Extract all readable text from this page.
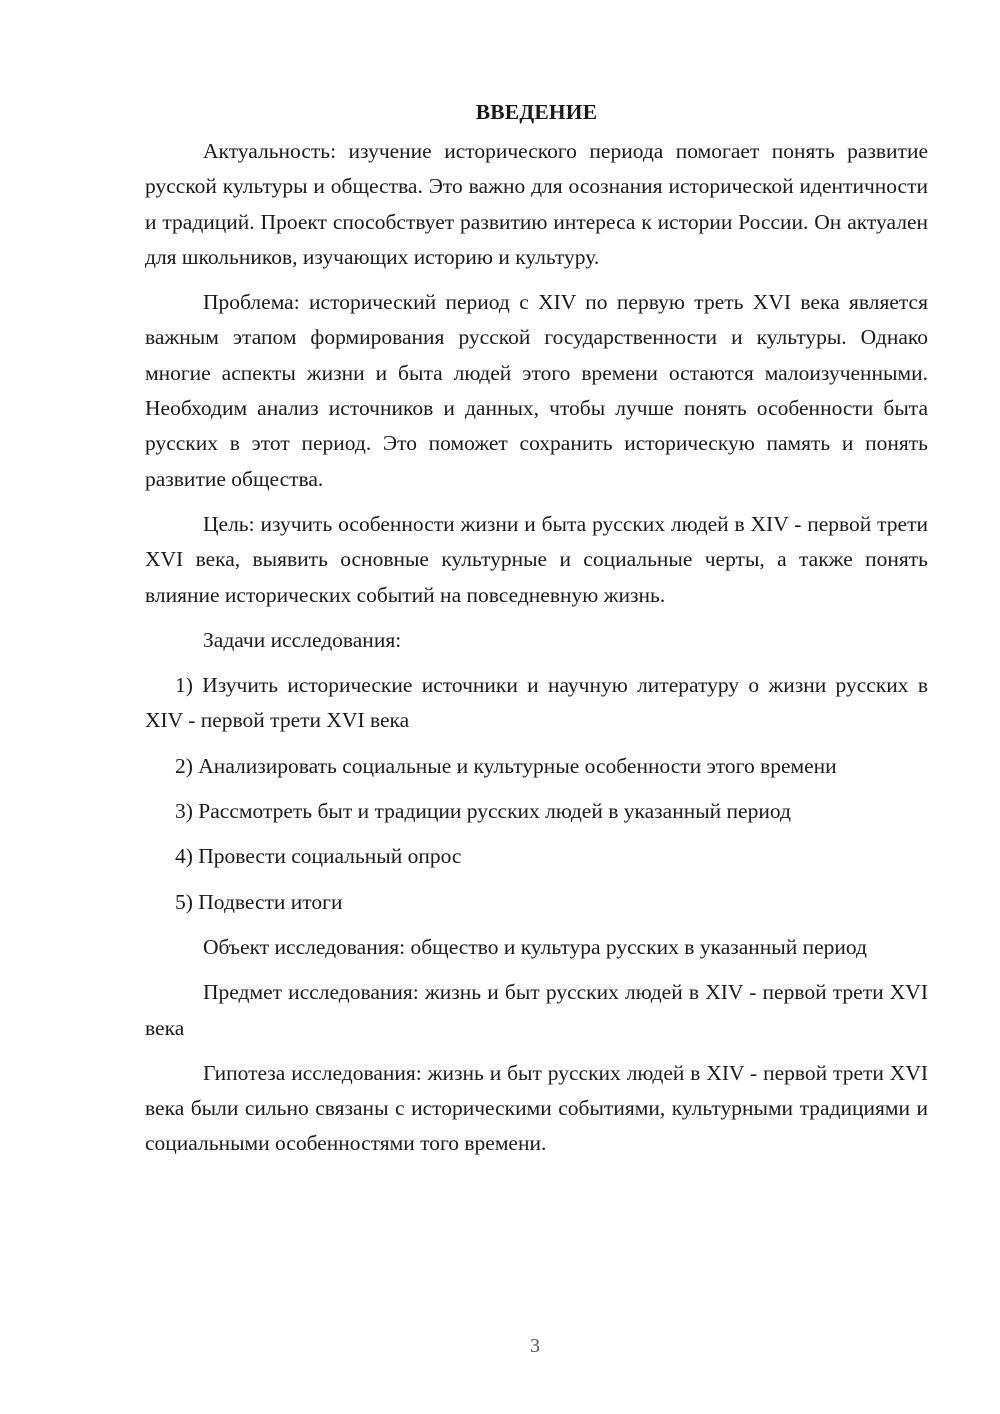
ВВЕДЕНИЕ

Актуальность: изучение исторического периода помогает понять развитие русской культуры и общества. Это важно для осознания исторической идентичности и традиций. Проект способствует развитию интереса к истории России. Он актуален для школьников, изучающих историю и культуру.

Проблема: исторический период с XIV по первую треть XVI века является важным этапом формирования русской государственности и культуры. Однако многие аспекты жизни и быта людей этого времени остаются малоизученными. Необходим анализ источников и данных, чтобы лучше понять особенности быта русских в этот период. Это поможет сохранить историческую память и понять развитие общества.

Цель: изучить особенности жизни и быта русских людей в XIV - первой трети XVI века, выявить основные культурные и социальные черты, а также понять влияние исторических событий на повседневную жизнь.

Задачи исследования:

1) Изучить исторические источники и научную литературу о жизни русских в XIV - первой трети XVI века

2) Анализировать социальные и культурные особенности этого времени

3) Рассмотреть быт и традиции русских людей в указанный период

4) Провести социальный опрос

5) Подвести итоги

Объект исследования: общество и культура русских в указанный период

Предмет исследования: жизнь и быт русских людей в XIV - первой трети XVI века

Гипотеза исследования: жизнь и быт русских людей в XIV - первой трети XVI века были сильно связаны с историческими событиями, культурными традициями и социальными особенностями того времени.

3
